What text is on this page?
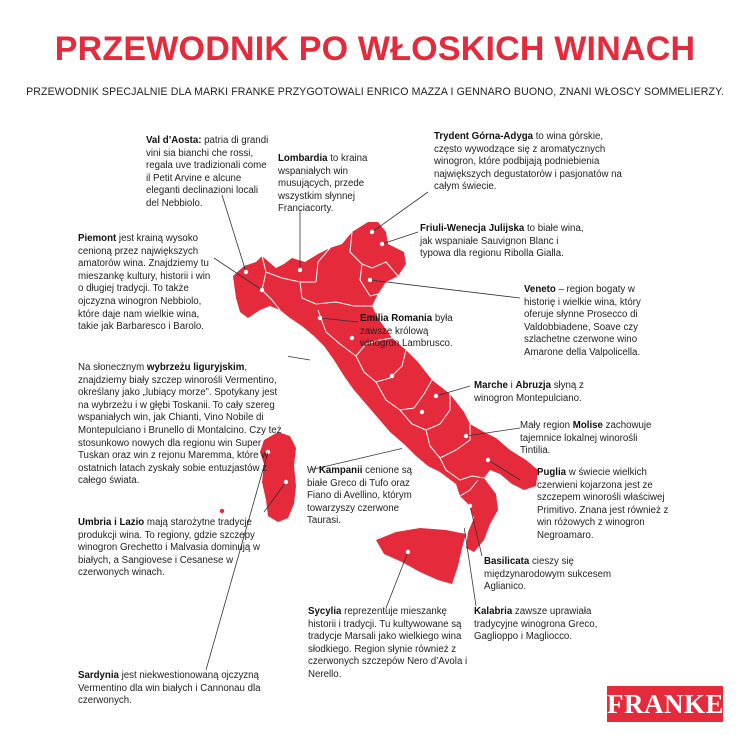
PRZEWODNIK PO WŁOSKICH WINACH

PRZEWODNIK SPECJALNIE DLA MARKI FRANKE PRZYGOTOWALI ENRICO MAZZA I GENNARO BUONO, ZNANI WŁOSCY SOMMELIERZY.

Val d’Aosta: patria di grandi vini sia bianchi che rossi, regala uve tradizionali come il Petit Arvine e alcune eleganti declinazioni locali del Nebbiolo.
Lombardia to kraina wspaniałych win musujących, przede wszystkim słynnej Franciacorty.
Trydent Górna-Adyga to wina górskie, często wywodzące się z aromatycznych winogron, które podbijają podniebienia największych degustatorów i pasjonatów na całym świecie.
Piemont jest krainą wysoko cenioną przez największych amatorów wina. Znajdziemy tu mieszankę kultury, historii i win o długiej tradycji. To także ojczyzna winogron Nebbiolo, które daje nam wielkie wina, takie jak Barbaresco i Barolo.
Friuli-Wenecja Julijska to białe wina, jak wspaniałe Sauvignon Blanc i typowa dla regionu Ribolla Gialla.
Veneto – region bogaty w historię i wielkie wina, który oferuje słynne Prosecco di Valdobbiadene, Soave czy szlachetne czerwone wino Amarone della Valpolicella.
Emilia Romania była zawsze królową winogron Lambrusco.
Na słonecznym wybrzeżu liguryjskim, znajdziemy biały szczep winorośli Vermentino, określany jako „lubiący morze”. Spotykany jest na wybrzeżu i w głębi Toskanii. To cały szereg wspaniałych win, jak Chianti, Vino Nobile di Montepulciano i Brunello di Montalcino. Czy też stosunkowo nowych dla regionu win Super Tuskan oraz win z rejonu Maremma, które w ostatnich latach zyskały sobie entuzjastów z całego świata.
Marche i Abruzja słyną z winogron Montepulciano.
Mały region Molise zachowuje tajemnice lokalnej winorośli Tintilia.
W Kampanii cenione są białe Greco di Tufo oraz Fiano di Avellino, którym towarzyszy czerwone Taurasi.
Puglia w świecie wielkich czerwieni kojarzona jest ze szczepem winorośli właściwej Primitivo. Znana jest również z win różowych z winogron Negroamaro.
Umbria i Lazio mają starożytne tradycje produkcji wina. To regiony, gdzie szczepy winogron Grechetto i Malvasia dominują w białych, a Sangiovese i Cesanese w czerwonych winach.
Basilicata cieszy się międzynarodowym sukcesem Aglianico.
Sycylia reprezentuje mieszankę historii i tradycji. Tu kultywowane są tradycje Marsali jako wielkiego wina słodkiego. Region słynie również z czerwonych szczepów Nero d’Avola i Nerello.
Kalabria zawsze uprawiała tradycyjne winogrona Greco, Gaglioppo i Magliocco.
Sardynia jest niekwestionowaną ojczyzną Vermentino dla win białych i Cannonau dla czerwonych.	FRANKE
